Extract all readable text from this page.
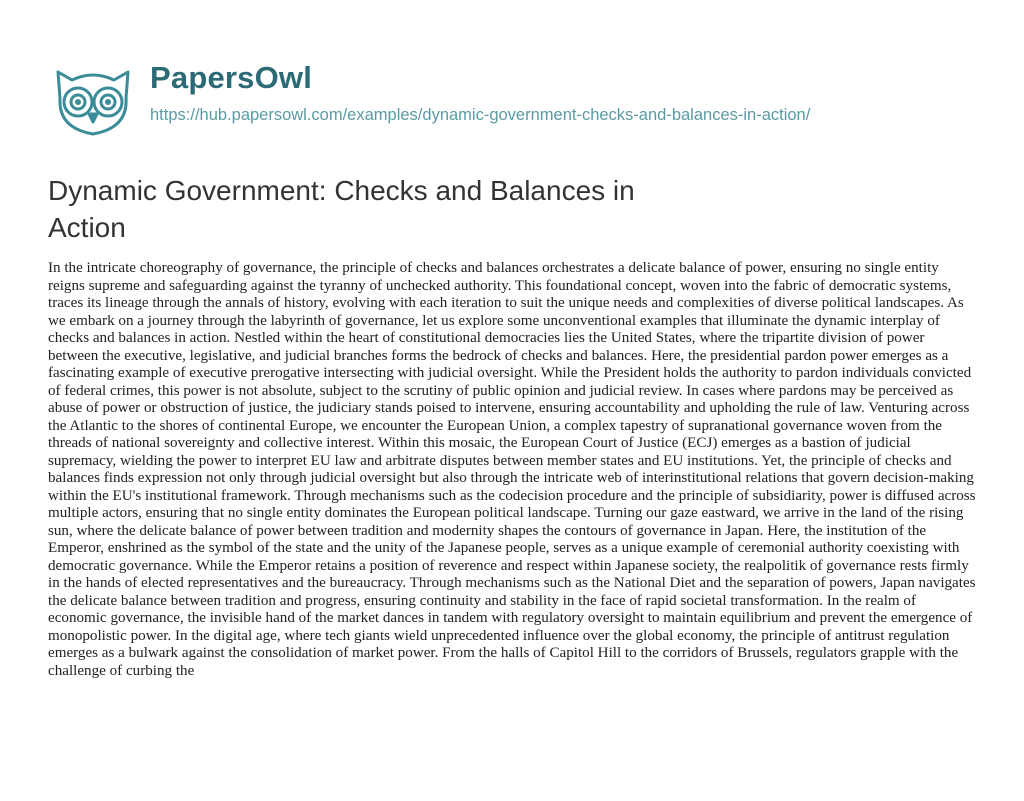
PapersOwl
https://hub.papersowl.com/examples/dynamic-government-checks-and-balances-in-action/
Dynamic Government: Checks and Balances in Action

In the intricate choreography of governance, the principle of checks and balances orchestrates a delicate balance of power, ensuring no single entity reigns supreme and safeguarding against the tyranny of unchecked authority. This foundational concept, woven into the fabric of democratic systems, traces its lineage through the annals of history, evolving with each iteration to suit the unique needs and complexities of diverse political landscapes. As we embark on a journey through the labyrinth of governance, let us explore some unconventional examples that illuminate the dynamic interplay of checks and balances in action. Nestled within the heart of constitutional democracies lies the United States, where the tripartite division of power between the executive, legislative, and judicial branches forms the bedrock of checks and balances. Here, the presidential pardon power emerges as a fascinating example of executive prerogative intersecting with judicial oversight. While the President holds the authority to pardon individuals convicted of federal crimes, this power is not absolute, subject to the scrutiny of public opinion and judicial review. In cases where pardons may be perceived as abuse of power or obstruction of justice, the judiciary stands poised to intervene, ensuring accountability and upholding the rule of law. Venturing across the Atlantic to the shores of continental Europe, we encounter the European Union, a complex tapestry of supranational governance woven from the threads of national sovereignty and collective interest. Within this mosaic, the European Court of Justice (ECJ) emerges as a bastion of judicial supremacy, wielding the power to interpret EU law and arbitrate disputes between member states and EU institutions. Yet, the principle of checks and balances finds expression not only through judicial oversight but also through the intricate web of interinstitutional relations that govern decision-making within the EU's institutional framework. Through mechanisms such as the codecision procedure and the principle of subsidiarity, power is diffused across multiple actors, ensuring that no single entity dominates the European political landscape. Turning our gaze eastward, we arrive in the land of the rising sun, where the delicate balance of power between tradition and modernity shapes the contours of governance in Japan. Here, the institution of the Emperor, enshrined as the symbol of the state and the unity of the Japanese people, serves as a unique example of ceremonial authority coexisting with democratic governance. While the Emperor retains a position of reverence and respect within Japanese society, the realpolitik of governance rests firmly in the hands of elected representatives and the bureaucracy. Through mechanisms such as the National Diet and the separation of powers, Japan navigates the delicate balance between tradition and progress, ensuring continuity and stability in the face of rapid societal transformation. In the realm of economic governance, the invisible hand of the market dances in tandem with regulatory oversight to maintain equilibrium and prevent the emergence of monopolistic power. In the digital age, where tech giants wield unprecedented influence over the global economy, the principle of antitrust regulation emerges as a bulwark against the consolidation of market power. From the halls of Capitol Hill to the corridors of Brussels, regulators grapple with the challenge of curbing the
